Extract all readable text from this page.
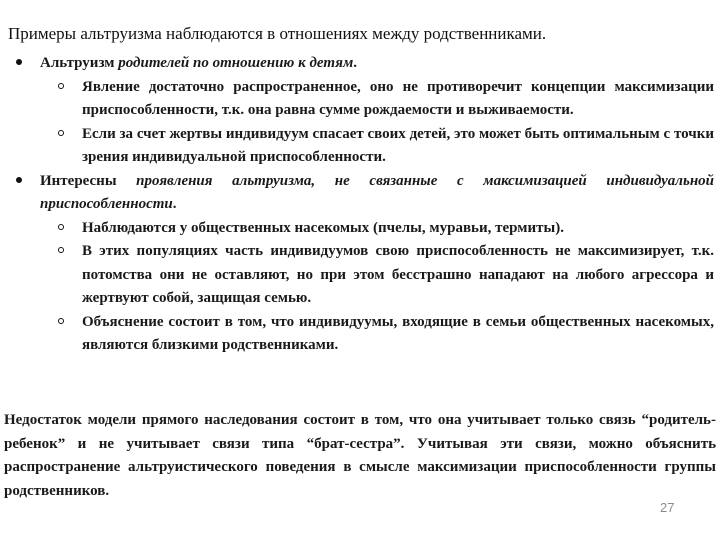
Примеры альтруизма наблюдаются в отношениях между родственниками.
Альтруизм родителей по отношению к детям.
Явление достаточно распространенное, оно не противоречит концепции максимизации приспособленности, т.к. она равна сумме рождаемости и выживаемости.
Если за счет жертвы индивидуум спасает своих детей, это может быть оптимальным с точки зрения индивидуальной приспособленности.
Интересны проявления альтруизма, не связанные с максимизацией индивидуальной приспособленности.
Наблюдаются у общественных насекомых (пчелы, муравьи, термиты).
В этих популяциях часть индивидуумов свою приспособленность не максимизирует, т.к. потомства они не оставляют, но при этом бесстрашно нападают на любого агрессора и жертвуют собой, защищая семью.
Объяснение состоит в том, что индивидуумы, входящие в семьи общественных насекомых, являются близкими родственниками.
Недостаток модели прямого наследования состоит в том, что она учитывает только связь “родитель-ребенок” и не учитывает связи типа “брат-сестра”. Учитывая эти связи, можно объяснить распространение альтруистического поведения в смысле максимизации приспособленности группы родственников.
27
